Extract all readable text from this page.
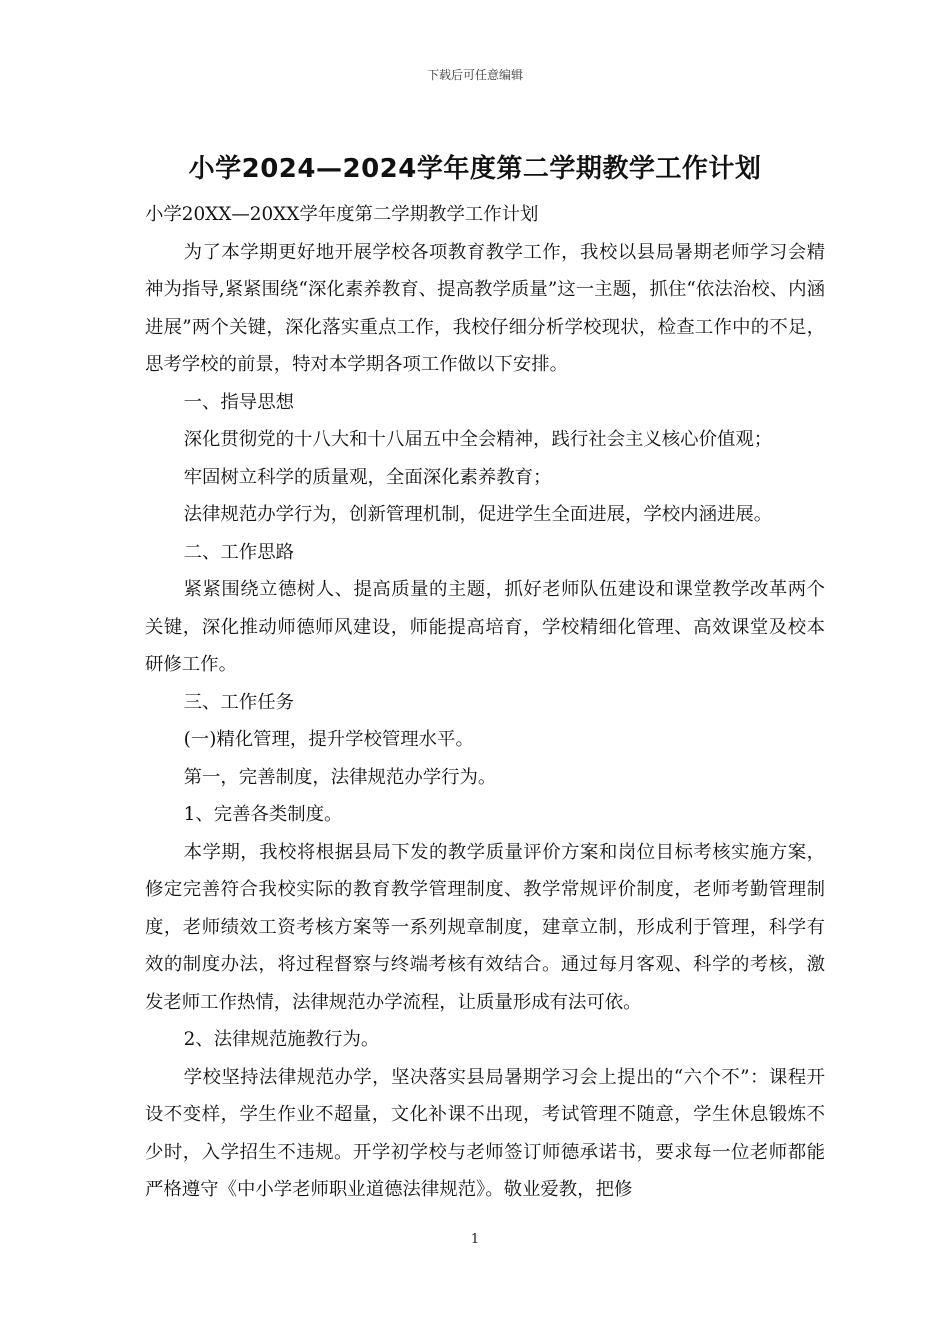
下载后可任意编辑
小学2024—2024学年度第二学期教学工作计划

小学20XX—20XX学年度第二学期教学工作计划

为了本学期更好地开展学校各项教育教学工作，我校以县局暑期老师学习会精神为指导,紧紧围绕“深化素养教育、提高教学质量”这一主题，抓住“依法治校、内涵进展”两个关键，深化落实重点工作，我校仔细分析学校现状，检查工作中的不足，思考学校的前景，特对本学期各项工作做以下安排。

一、指导思想

深化贯彻党的十八大和十八届五中全会精神，践行社会主义核心价值观；

牢固树立科学的质量观，全面深化素养教育；

法律规范办学行为，创新管理机制，促进学生全面进展，学校内涵进展。

二、工作思路

紧紧围绕立德树人、提高质量的主题，抓好老师队伍建设和课堂教学改革两个关键，深化推动师德师风建设，师能提高培育，学校精细化管理、高效课堂及校本研修工作。

三、工作任务

(一)精化管理，提升学校管理水平。

第一，完善制度，法律规范办学行为。

1、完善各类制度。

本学期，我校将根据县局下发的教学质量评价方案和岗位目标考核实施方案，修定完善符合我校实际的教育教学管理制度、教学常规评价制度，老师考勤管理制度，老师绩效工资考核方案等一系列规章制度，建章立制，形成利于管理，科学有效的制度办法，将过程督察与终端考核有效结合。通过每月客观、科学的考核，激发老师工作热情，法律规范办学流程，让质量形成有法可依。

2、法律规范施教行为。

学校坚持法律规范办学，坚决落实县局暑期学习会上提出的“六个不”：课程开设不变样，学生作业不超量，文化补课不出现，考试管理不随意，学生休息锻炼不少时，入学招生不违规。开学初学校与老师签订师德承诺书，要求每一位老师都能严格遵守《中小学老师职业道德法律规范》。敬业爱教，把修

1
